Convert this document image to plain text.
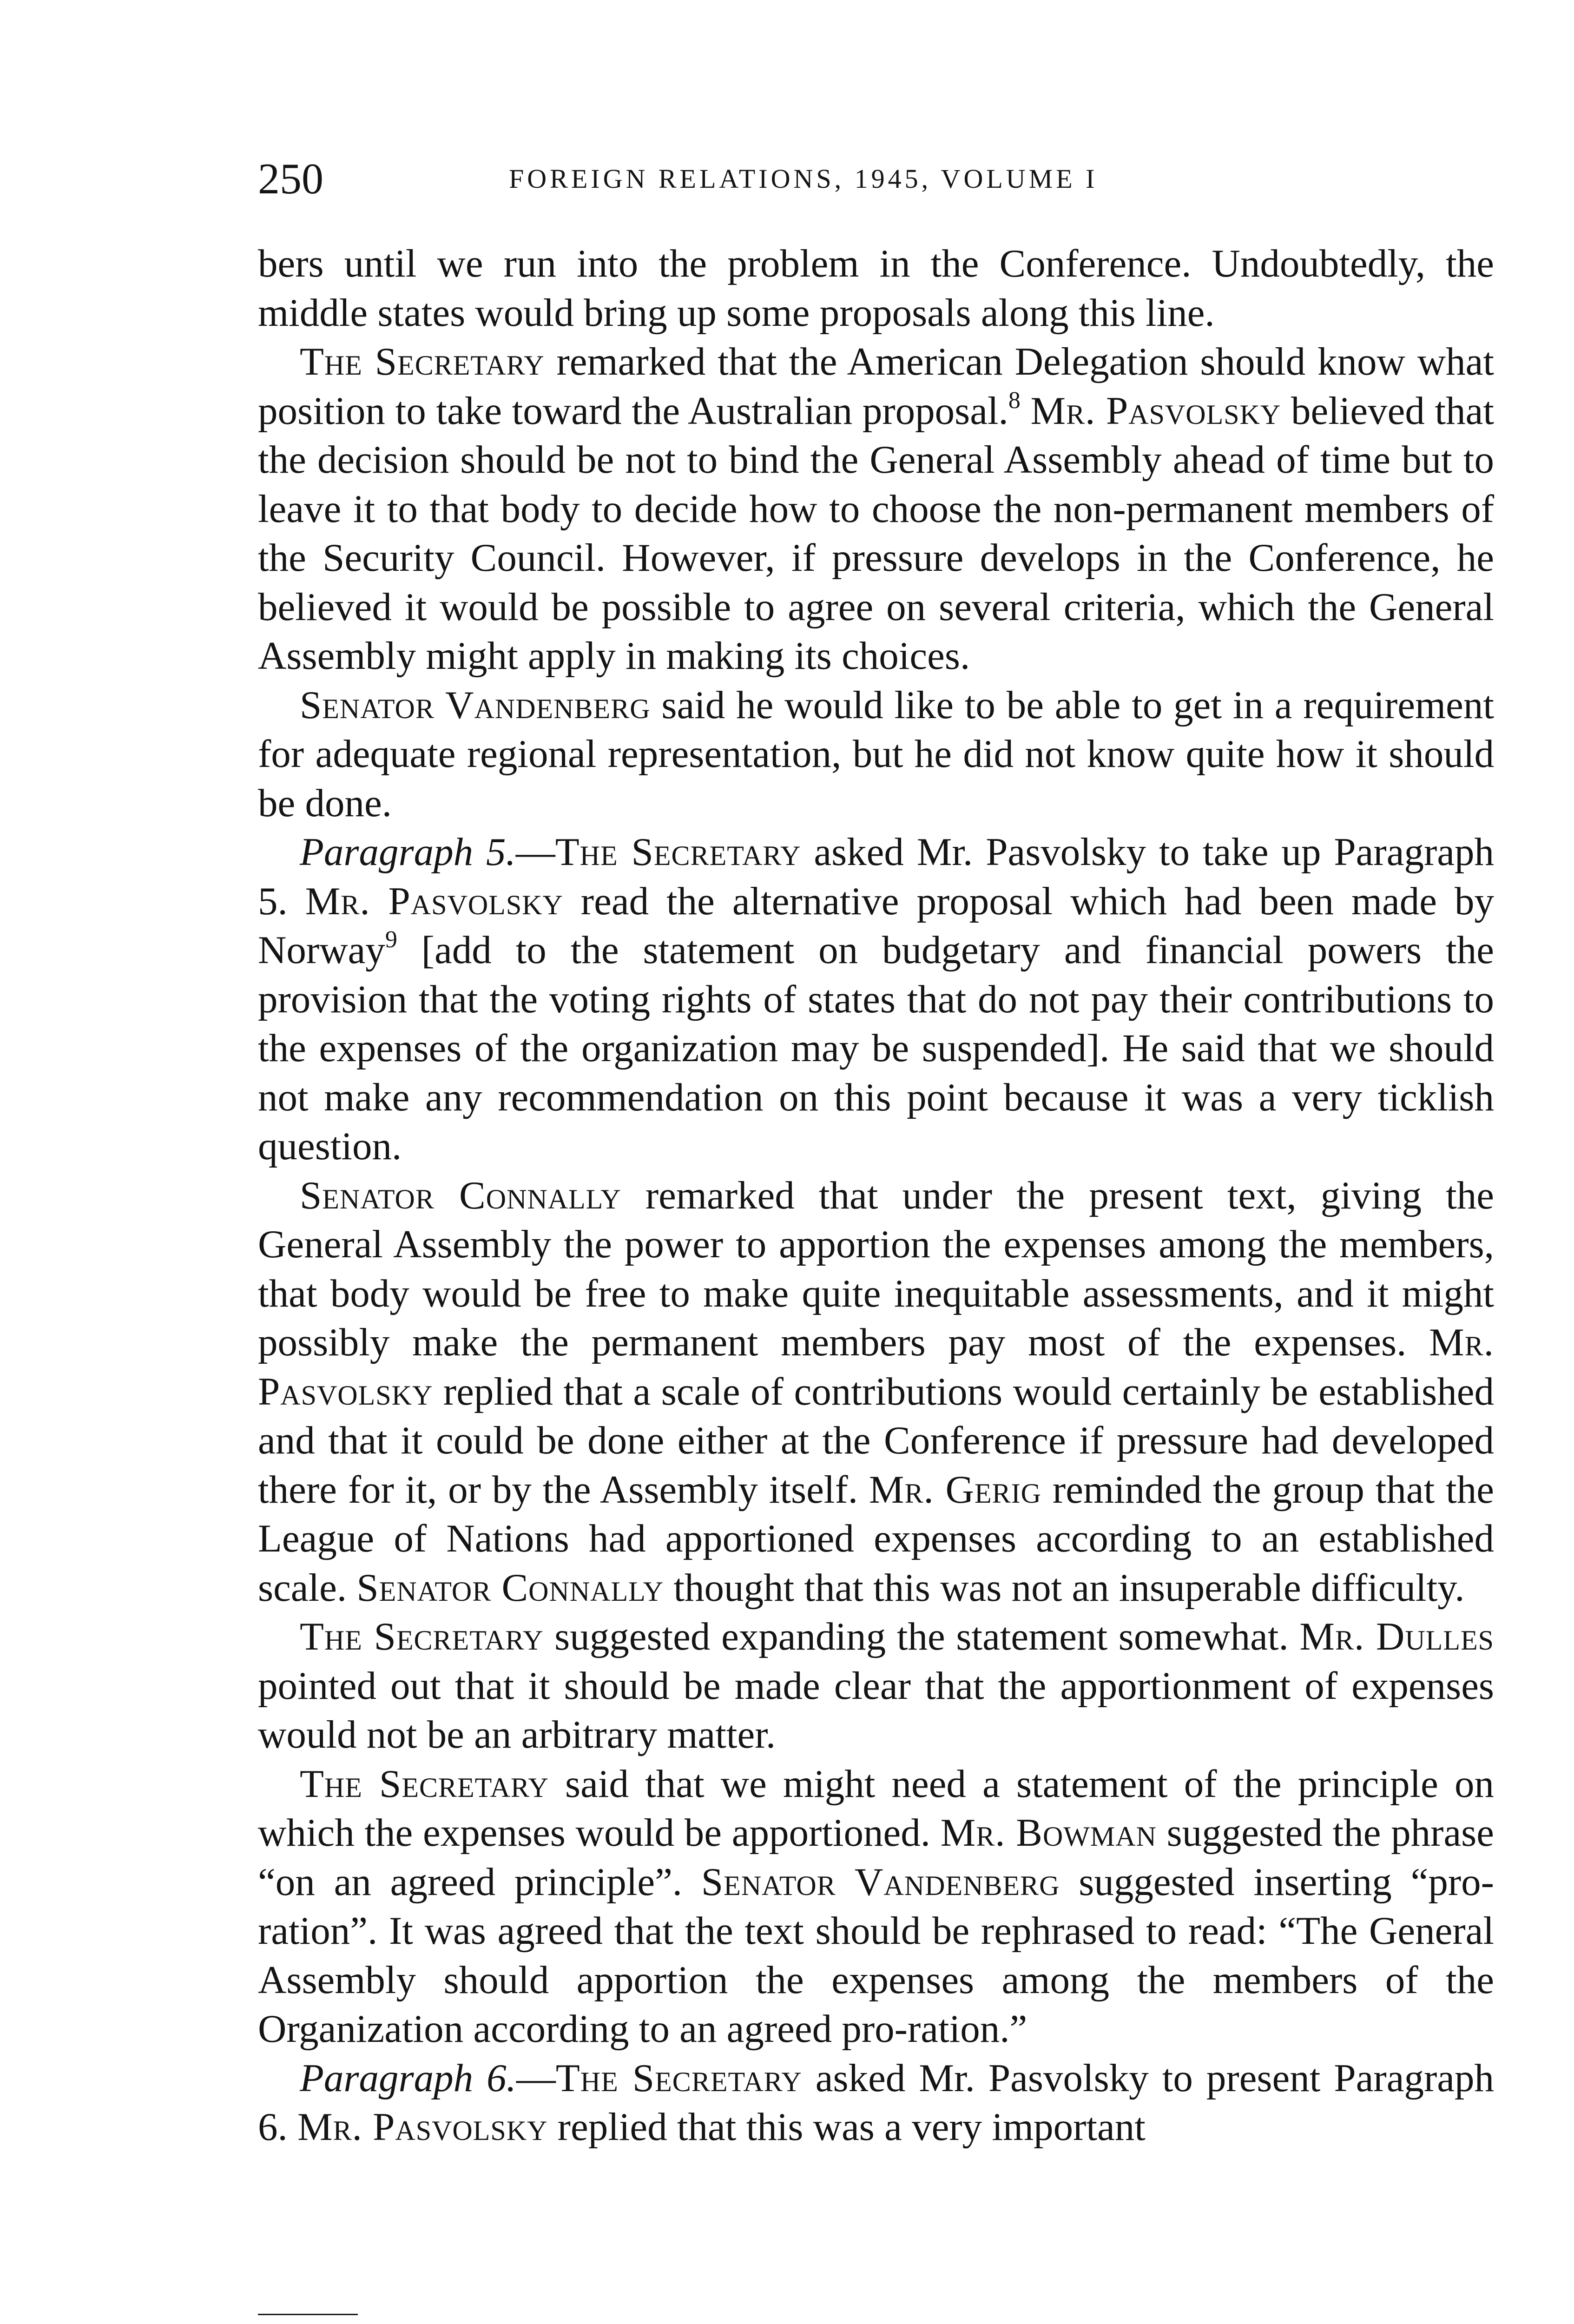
250	FOREIGN RELATIONS, 1945, VOLUME I

bers until we run into the problem in the Conference. Undoubtedly, the middle states would bring up some proposals along this line.

The Secretary remarked that the American Delegation should know what position to take toward the Australian proposal.$^8$ Mr. Pasvolsky believed that the decision should be not to bind the General Assembly ahead of time but to leave it to that body to decide how to choose the non-permanent members of the Security Council. However, if pressure develops in the Conference, he believed it would be possible to agree on several criteria, which the General Assembly might apply in making its choices.

Senator Vandenberg said he would like to be able to get in a requirement for adequate regional representation, but he did not know quite how it should be done.

Paragraph 5.—The Secretary asked Mr. Pasvolsky to take up Paragraph 5. Mr. Pasvolsky read the alternative proposal which had been made by Norway$^9$ [add to the statement on budgetary and financial powers the provision that the voting rights of states that do not pay their contributions to the expenses of the organization may be suspended]. He said that we should not make any recommendation on this point because it was a very ticklish question.

Senator Connally remarked that under the present text, giving the General Assembly the power to apportion the expenses among the members, that body would be free to make quite inequitable assessments, and it might possibly make the permanent members pay most of the expenses. Mr. Pasvolsky replied that a scale of contributions would certainly be established and that it could be done either at the Conference if pressure had developed there for it, or by the Assembly itself. Mr. Gerig reminded the group that the League of Nations had apportioned expenses according to an established scale. Senator Connally thought that this was not an insuperable difficulty.

The Secretary suggested expanding the statement somewhat. Mr. Dulles pointed out that it should be made clear that the apportionment of expenses would not be an arbitrary matter.

The Secretary said that we might need a statement of the principle on which the expenses would be apportioned. Mr. Bowman suggested the phrase “on an agreed principle”. Senator Vandenberg suggested inserting “pro-ration”. It was agreed that the text should be rephrased to read: “The General Assembly should apportion the expenses among the members of the Organization according to an agreed pro-ration.”

Paragraph 6.—The Secretary asked Mr. Pasvolsky to present Paragraph 6. Mr. Pasvolsky replied that this was a very important
